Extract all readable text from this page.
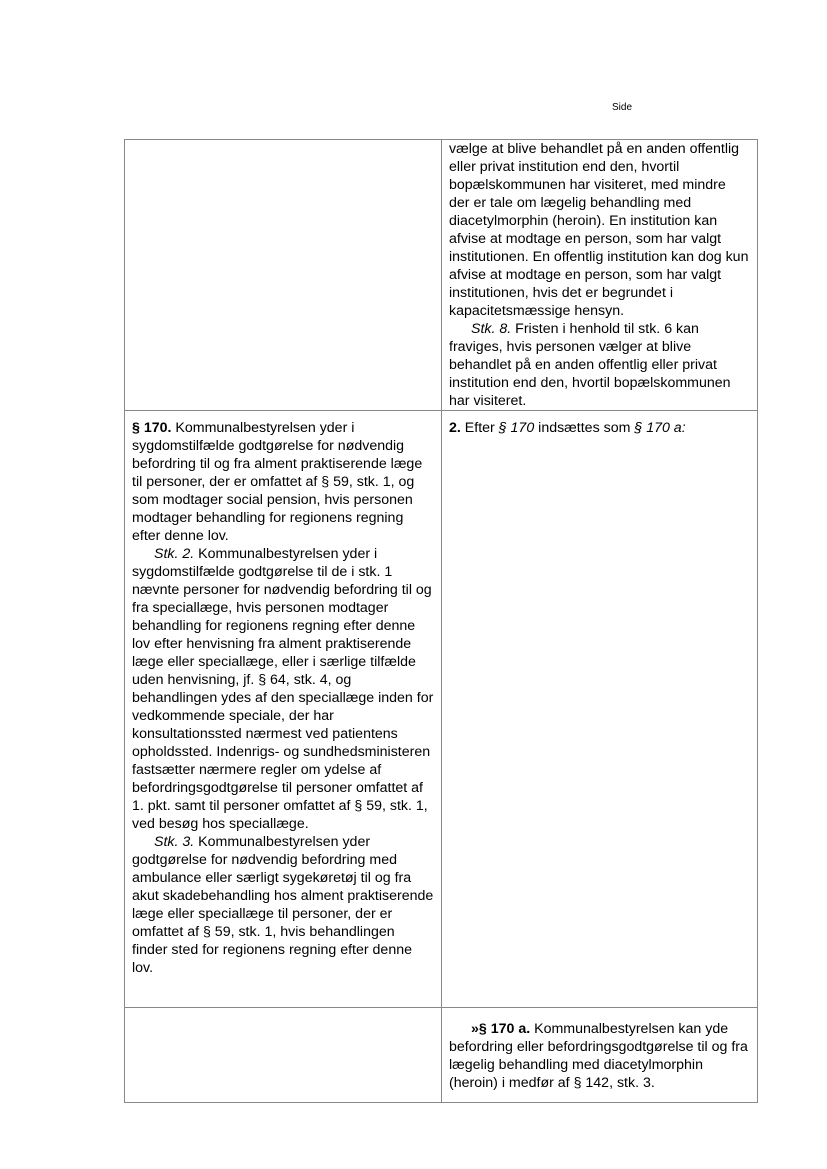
Side

	vælge at blive behandlet på en anden offentlig eller privat institution end den, hvortil bopælskommunen har visiteret, med mindre der er tale om lægelig behandling med diacetylmorphin (heroin). En institution kan afvise at modtage en person, som har valgt institutionen. En offentlig institution kan dog kun afvise at modtage en person, som har valgt institutionen, hvis det er begrundet i kapacitetsmæssige hensyn.
Stk. 8. Fristen i henhold til stk. 6 kan fraviges, hvis personen vælger at blive behandlet på en anden offentlig eller privat institution end den, hvortil bopælskommunen har visiteret.

§ 170. Kommunalbestyrelsen yder i sygdomstilfælde godtgørelse for nødvendig befordring til og fra alment praktiserende læge til personer, der er omfattet af § 59, stk. 1, og som modtager social pension, hvis personen modtager behandling for regionens regning efter denne lov.
Stk. 2. Kommunalbestyrelsen yder i sygdomstilfælde godtgørelse til de i stk. 1 nævnte personer for nødvendig befordring til og fra speciallæge, hvis personen modtager behandling for regionens regning efter denne lov efter henvisning fra alment praktiserende læge eller speciallæge, eller i særlige tilfælde uden henvisning, jf. § 64, stk. 4, og behandlingen ydes af den speciallæge inden for vedkommende speciale, der har konsultationssted nærmest ved patientens opholdssted. Indenrigs- og sundhedsministeren fastsætter nærmere regler om ydelse af befordringsgodtgørelse til personer omfattet af 1. pkt. samt til personer omfattet af § 59, stk. 1, ved besøg hos speciallæge.
Stk. 3. Kommunalbestyrelsen yder godtgørelse for nødvendig befordring med ambulance eller særligt sygekøretøj til og fra akut skadebehandling hos alment praktiserende læge eller speciallæge til personer, der er omfattet af § 59, stk. 1, hvis behandlingen finder sted for regionens regning efter denne lov.	2. Efter § 170 indsættes som § 170 a:

	»§ 170 a. Kommunalbestyrelsen kan yde befordring eller befordringsgodtgørelse til og fra lægelig behandling med diacetylmorphin (heroin) i medfør af § 142, stk. 3.
